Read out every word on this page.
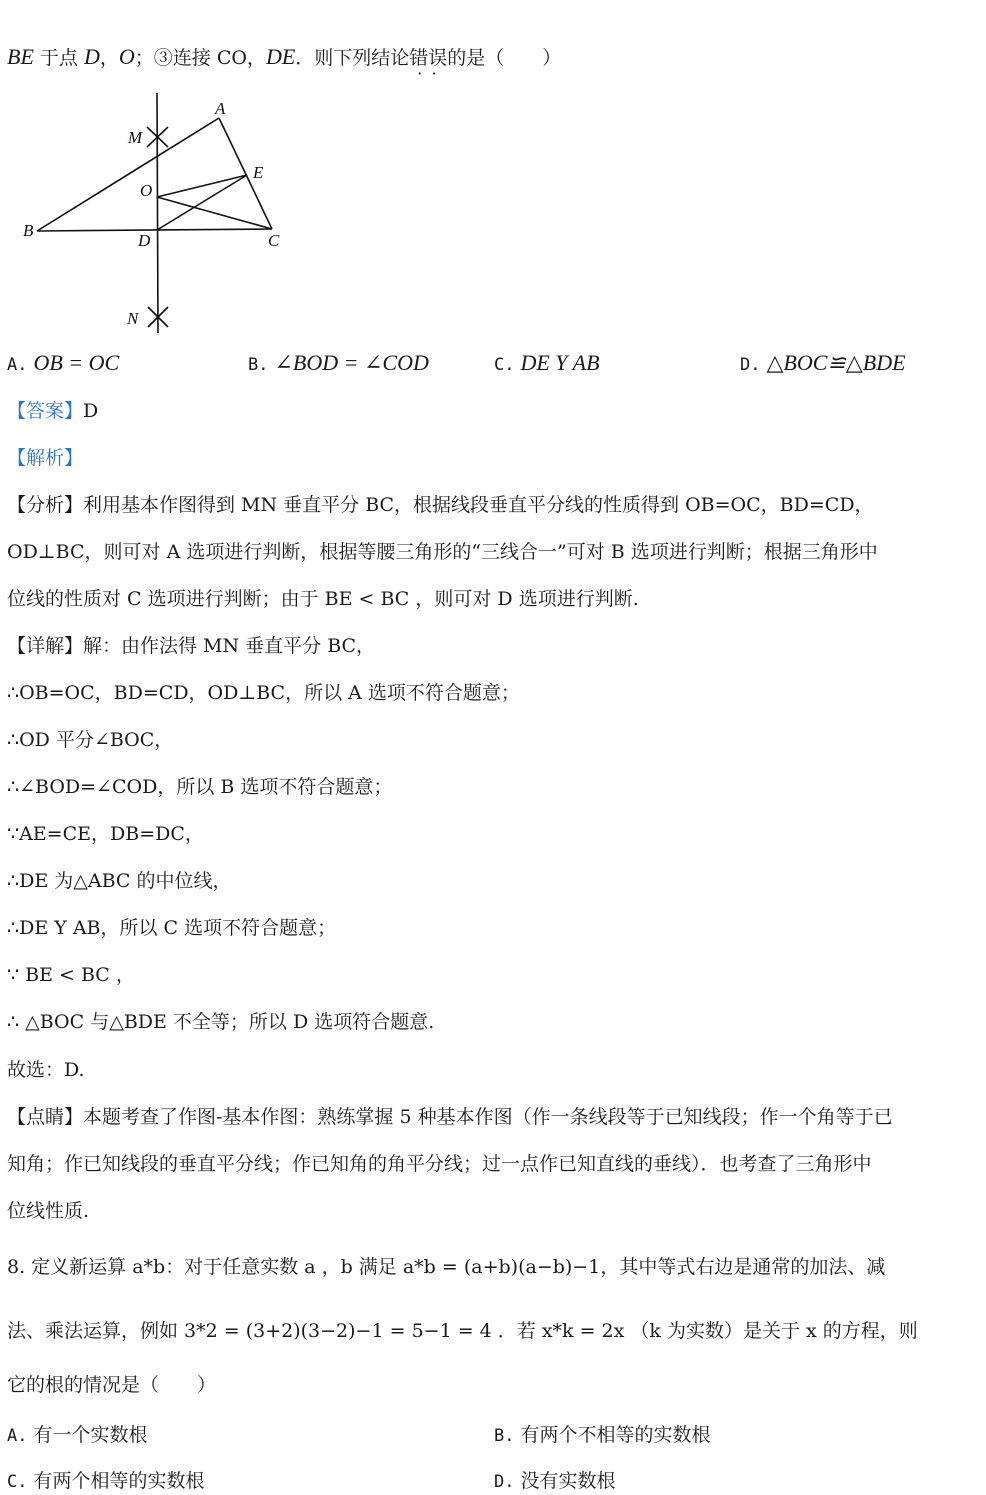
BE 于点 D，O；③连接 CO，DE．则下列结论错误 · ·的是（　　）
A
M
E
O
B
D	C
N
A. OB = OC	B. ∠BOD = ∠COD	C. DE Y AB	D. △BOC≌△BDE
【答案】D
【解析】
【分析】利用基本作图得到 MN 垂直平分 BC，根据线段垂直平分线的性质得到 OB=OC，BD=CD，
OD⊥BC，则可对 A 选项进行判断，根据等腰三角形的“三线合一”可对 B 选项进行判断；根据三角形中
位线的性质对 C 选项进行判断；由于 BE < BC ，则可对 D 选项进行判断.
【详解】解：由作法得 MN 垂直平分 BC，
∴OB=OC，BD=CD，OD⊥BC，所以 A 选项不符合题意；
∴OD 平分∠BOC，
∴∠BOD=∠COD，所以 B 选项不符合题意；
∵AE=CE，DB=DC，
∴DE 为△ABC 的中位线，
∴DE Y AB，所以 C 选项不符合题意；
∵ BE < BC ，
∴ △BOC 与△BDE 不全等；所以 D 选项符合题意.
故选：D.
【点睛】本题考查了作图-基本作图：熟练掌握 5 种基本作图（作一条线段等于已知线段；作一个角等于已
知角；作已知线段的垂直平分线；作已知角的角平分线；过一点作已知直线的垂线）．也考查了三角形中
位线性质.
8. 定义新运算 a*b：对于任意实数 a ，b 满足 a*b = (a+b)(a−b)−1，其中等式右边是通常的加法、减
法、乘法运算，例如 3*2 = (3+2)(3−2)−1 = 5−1 = 4 ．若 x*k = 2x （k 为实数）是关于 x 的方程，则
它的根的情况是（　　）
A. 有一个实数根	B. 有两个不相等的实数根
C. 有两个相等的实数根	D. 没有实数根
